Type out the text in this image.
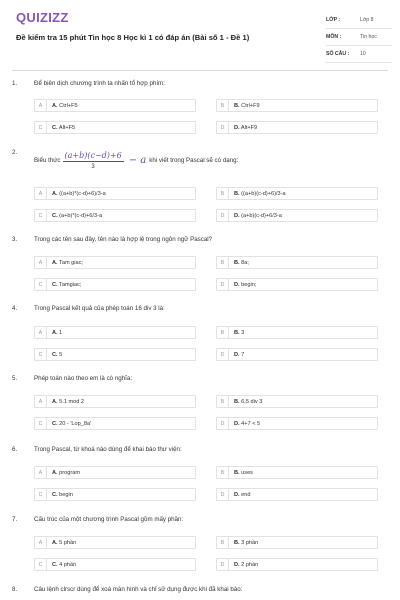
QUIZIZZ
Đề kiểm tra 15 phút Tin học 8 Học kì 1 có đáp án (Bài số 1 - Đề 1)
LỚP :	Lớp 8
MÔN :	Tin học
SỐ CÂU :	10
1.	Để biên dịch chương trình ta nhấn tổ hợp phím:
A	A. Ctrl+F5	B	B. Ctrl+F9
C	C. Alt+F5	D	D. Alt+F9
2.
Biểu thức $\frac{(a+b)(c-d)+6}{3} - a$ khi viết trong Pascal sẽ có dạng:
A	A. ((a+b)*(c-d)+6)/3-a	B	B. ((a+b)(c-d)+6)/3-a
C	C. (a+b)*(c-d)+6/3-a	D	D. (a+b)(c-d)+6/3-a
3.	Trong các tên sau đây, tên nào là hợp lệ trong ngôn ngữ Pascal?
A	A. Tam giac;	B	B. 8a;
C	C. Tamgiac;	D	D. begin;
4.	Trong Pascal kết quả của phép toán 16 div 3 là:
A	A. 1	B	B. 3
C	C. 5	D	D. 7
5.	Phép toán nào theo em là có nghĩa:
A	A. 5.1 mod 2	B	B. 6,5 div 3
C	C. 20 - 'Lop_8a'	D	D. 4+7 < 5
6.	Trong Pascal, từ khoá nào dùng để khai báo thư viện:
A	A. program	B	B. uses
C	C. begin	D	D. end
7.	Cấu trúc của một chương trình Pascal gồm mấy phần:
A	A. 5 phần	B	B. 3 phần
C	C. 4 phần	D	D. 2 phần
8.	Câu lệnh clrscr dùng để xoá màn hình và chỉ sử dụng được khi đã khai báo:
